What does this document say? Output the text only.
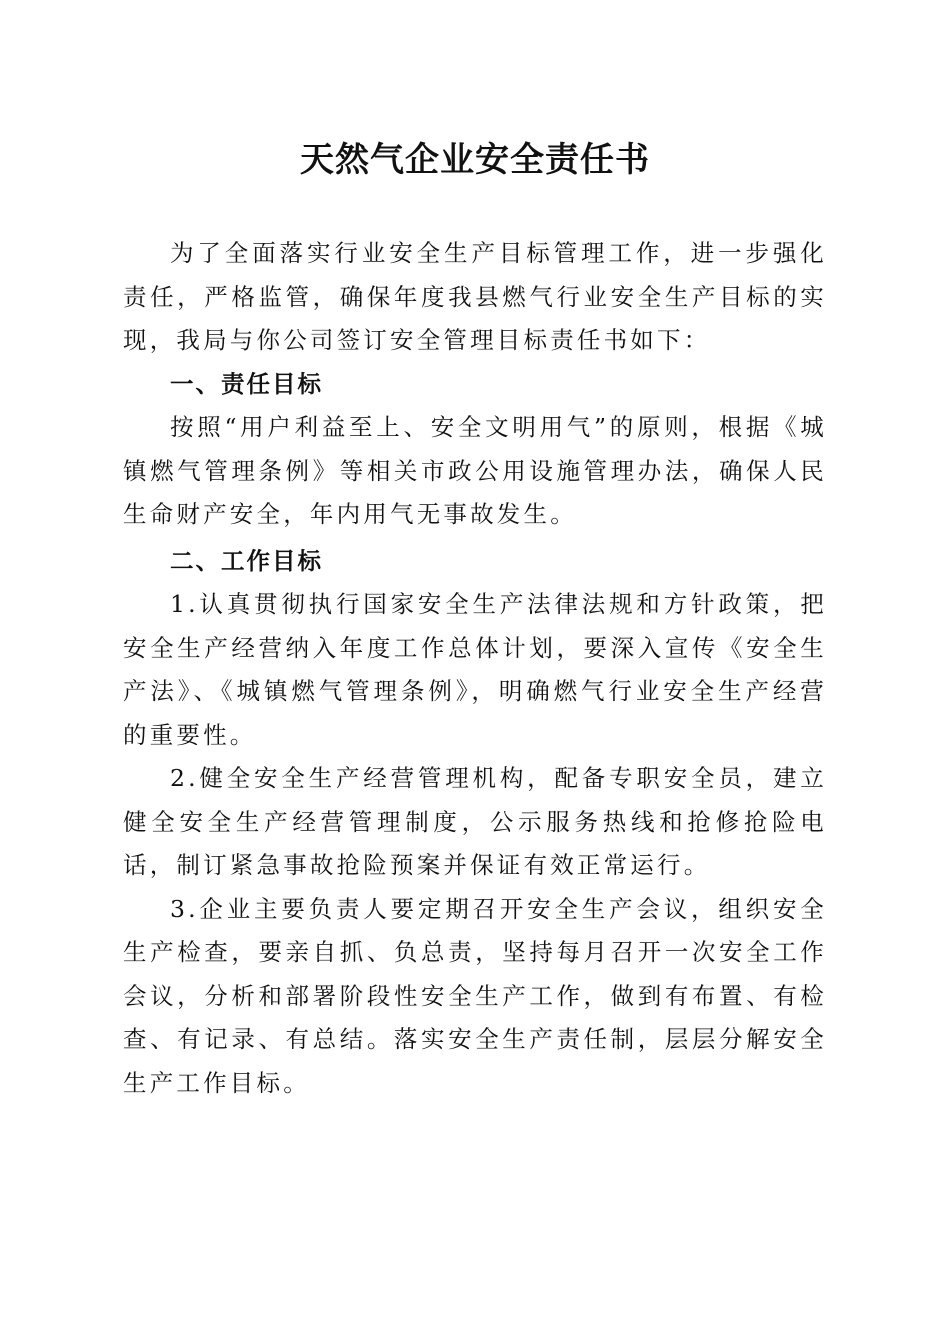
天然气企业安全责任书

为了全面落实行业安全生产目标管理工作，进一步强化责任，严格监管，确保年度我县燃气行业安全生产目标的实现，我局与你公司签订安全管理目标责任书如下：

一、责任目标

按照“用户利益至上、安全文明用气”的原则，根据《城镇燃气管理条例》等相关市政公用设施管理办法，确保人民生命财产安全，年内用气无事故发生。

二、工作目标

1.认真贯彻执行国家安全生产法律法规和方针政策，把安全生产经营纳入年度工作总体计划，要深入宣传《安全生产法》、《城镇燃气管理条例》，明确燃气行业安全生产经营的重要性。

2.健全安全生产经营管理机构，配备专职安全员，建立健全安全生产经营管理制度，公示服务热线和抢修抢险电话，制订紧急事故抢险预案并保证有效正常运行。

3.企业主要负责人要定期召开安全生产会议，组织安全生产检查，要亲自抓、负总责，坚持每月召开一次安全工作会议，分析和部署阶段性安全生产工作，做到有布置、有检查、有记录、有总结。落实安全生产责任制，层层分解安全生产工作目标。
